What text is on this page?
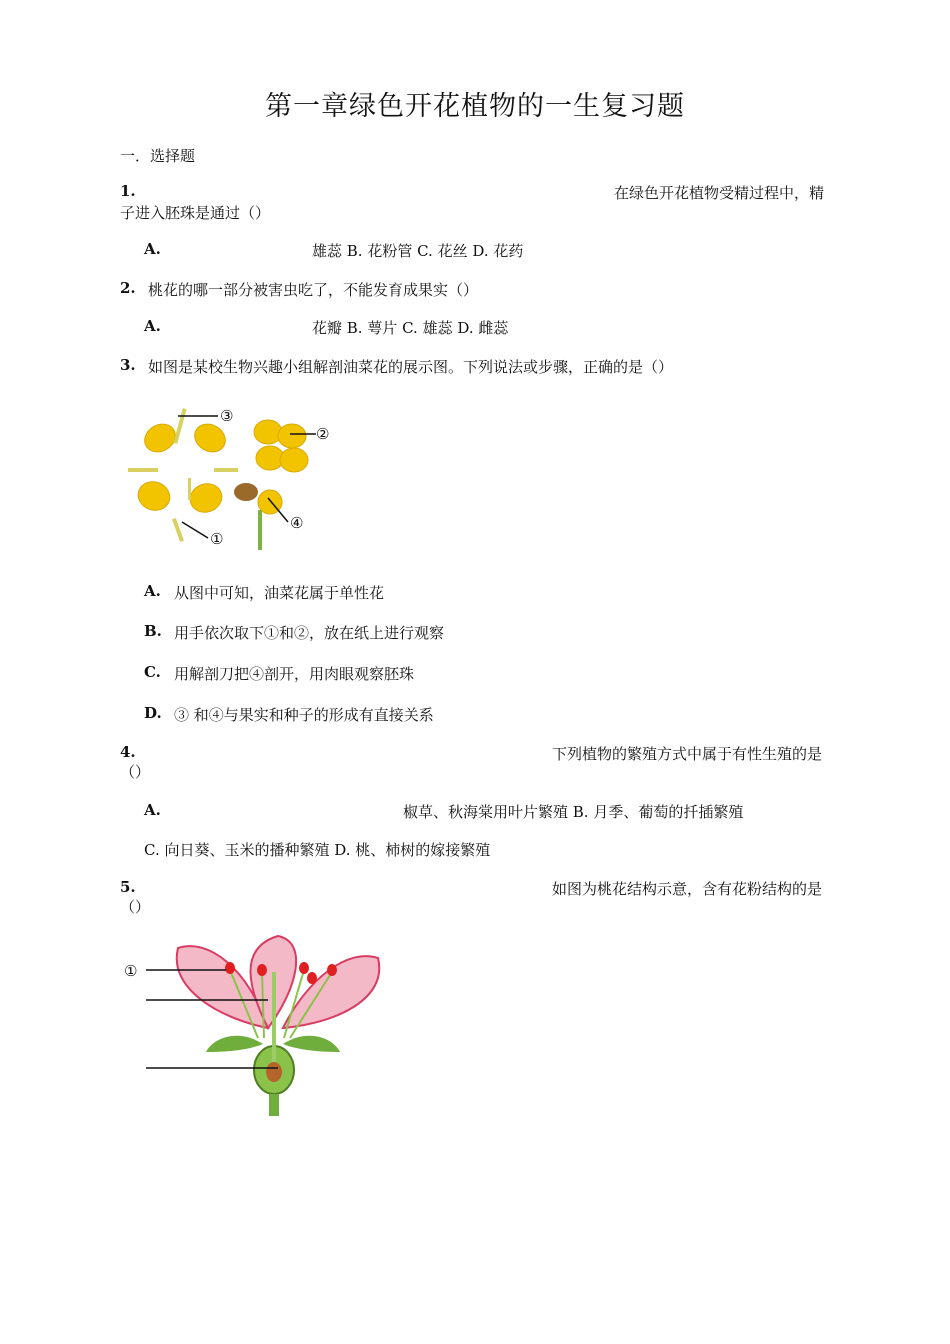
第一章绿色开花植物的一生复习题
一．选择题
1.	在绿色开花植物受精过程中，精
子进入胚珠是通过（）
A.	雄蕊 B. 花粉管 C. 花丝 D. 花药
2. 桃花的哪一部分被害虫吃了，不能发育成果实（）
A.	花瓣 B. 萼片 C. 雄蕊 D. 雌蕊
3. 如图是某校生物兴趣小组解剖油菜花的展示图。下列说法或步骤，正确的是（）
③
②
④
①
A. 从图中可知，油菜花属于单性花
B. 用手依次取下①和②，放在纸上进行观察
C. 用解剖刀把④剖开，用肉眼观察胚珠
D. ③ 和④与果实和种子的形成有直接关系
4.	下列植物的繁殖方式中属于有性生殖的是
（）
A.	椒草、秋海棠用叶片繁殖 B. 月季、葡萄的扦插繁殖
C. 向日葵、玉米的播种繁殖 D. 桃、柿树的嫁接繁殖
5.	如图为桃花结构示意，含有花粉结构的是
（）
①
